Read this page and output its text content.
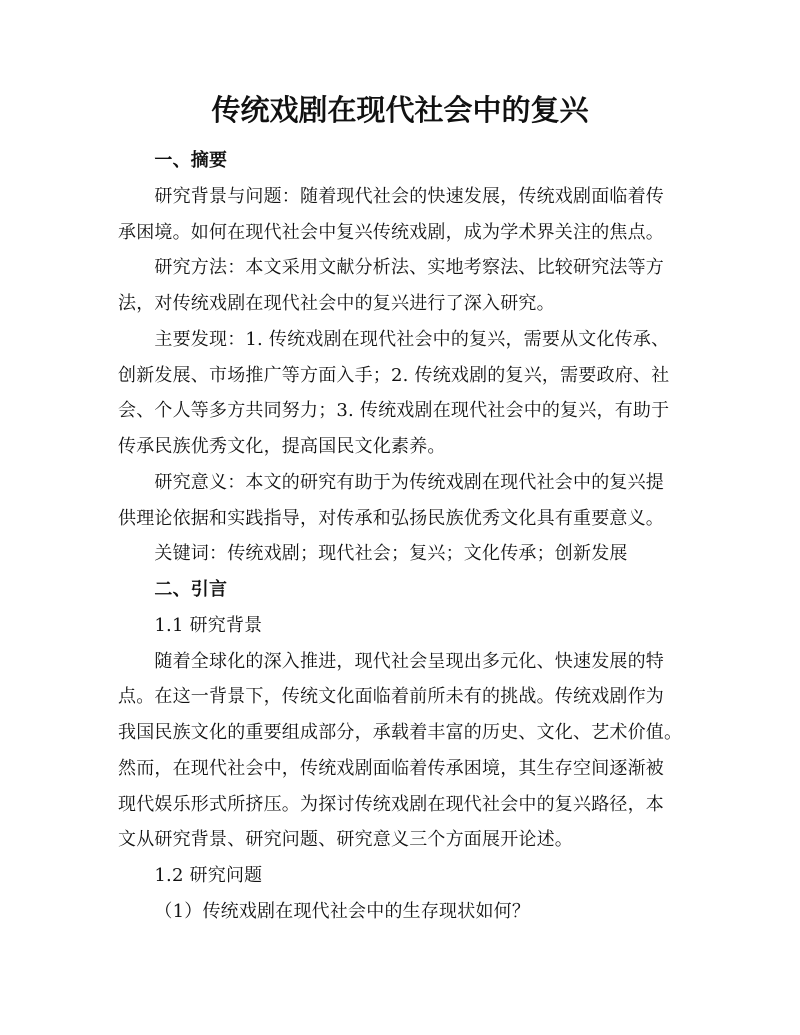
传统戏剧在现代社会中的复兴
一、摘要
研究背景与问题：随着现代社会的快速发展，传统戏剧面临着传
承困境。如何在现代社会中复兴传统戏剧，成为学术界关注的焦点。
研究方法：本文采用文献分析法、实地考察法、比较研究法等方
法，对传统戏剧在现代社会中的复兴进行了深入研究。
主要发现：1. 传统戏剧在现代社会中的复兴，需要从文化传承、
创新发展、市场推广等方面入手；2. 传统戏剧的复兴，需要政府、社
会、个人等多方共同努力；3. 传统戏剧在现代社会中的复兴，有助于
传承民族优秀文化，提高国民文化素养。
研究意义：本文的研究有助于为传统戏剧在现代社会中的复兴提
供理论依据和实践指导，对传承和弘扬民族优秀文化具有重要意义。
关键词：传统戏剧；现代社会；复兴；文化传承；创新发展
二、引言
1.1 研究背景
随着全球化的深入推进，现代社会呈现出多元化、快速发展的特
点。在这一背景下，传统文化面临着前所未有的挑战。传统戏剧作为
我国民族文化的重要组成部分，承载着丰富的历史、文化、艺术价值。
然而，在现代社会中，传统戏剧面临着传承困境，其生存空间逐渐被
现代娱乐形式所挤压。为探讨传统戏剧在现代社会中的复兴路径，本
文从研究背景、研究问题、研究意义三个方面展开论述。
1.2 研究问题
（1）传统戏剧在现代社会中的生存现状如何？
